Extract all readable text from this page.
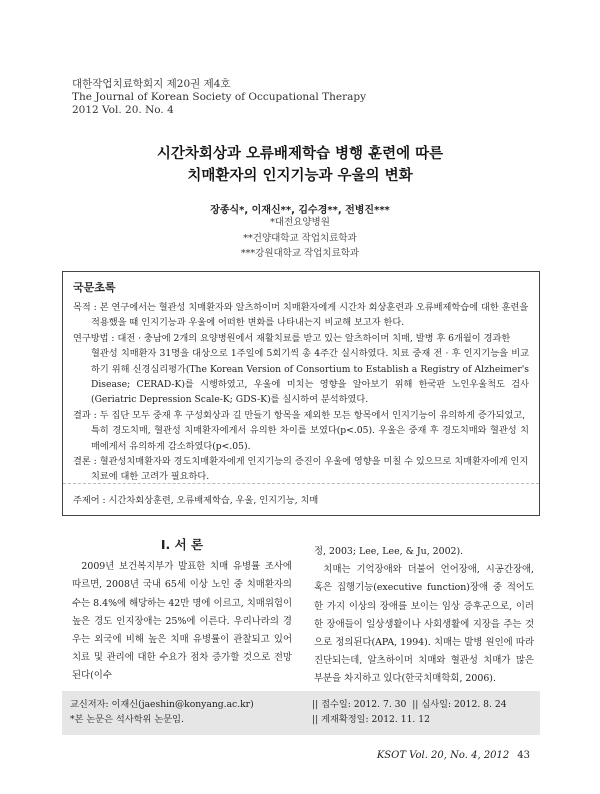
대한작업치료학회지 제20권 제4호
The Journal of Korean Society of Occupational Therapy
2012 Vol. 20. No. 4
시간차회상과 오류배제학습 병행 훈련에 따른
치매환자의 인지기능과 우울의 변화
장종식*, 이재신**, 김수경**, 전병진***
*대전요양병원
**건양대학교 작업치료학과
***강원대학교 작업치료학과
국문초록
목적 : 본 연구에서는 혈관성 치매환자와 알츠하이머 치매환자에게 시간차 회상훈련과 오류배제학습에 대한 훈련을
적용했을 때 인지기능과 우울에 어떠한 변화를 나타내는지 비교해 보고자 한다.
연구방법 : 대전 · 충남에 2개의 요양병원에서 재활치료를 받고 있는 알츠하이머 치매, 발병 후 6개월이 경과한
혈관성 치매환자 31명을 대상으로 1주일에 5회기씩 총 4주간 실시하였다. 치료 중재 전 · 후 인지기능을 비교하기 위해 신경심리평가(The Korean Version of Consortium to Establish a Registry of Alzheimer's Disease; CERAD-K)를 시행하였고, 우울에 미치는 영향을 알아보기 위해 한국판 노인우울척도 검사(Geriatric Depression Scale-K; GDS-K)를 실시하여 분석하였다.
결과 : 두 집단 모두 중재 후 구성회상과 길 만들기 항목을 제외한 모든 항목에서 인지기능이 유의하게 증가되었고,
특히 경도치매, 혈관성 치매환자에게서 유의한 차이를 보였다(p<.05). 우울은 중재 후 경도치매와 혈관성 치매에게서 유의하게 감소하였다(p<.05).
결론 : 혈관성치매환자와 경도치매환자에게 인지기능의 증진이 우울에 영향을 미칠 수 있으므로 치매환자에게 인지
치료에 대한 고려가 필요하다.
주제어 : 시간차회상훈련, 오류배제학습, 우울, 인지기능, 치매
I. 서 론

2009년 보건복지부가 발표한 치매 유병률 조사에 따르면, 2008년 국내 65세 이상 노인 중 치매환자의 수는 8.4%에 해당하는 42만 명에 이르고, 치매위험이 높은 경도 인지장애는 25%에 이른다. 우리나라의 경우는 외국에 비해 높은 치매 유병률이 관찰되고 있어 치료 및 관리에 대한 수요가 점차 증가할 것으로 전망된다(이수

정, 2003; Lee, Lee, & Ju, 2002).

치매는 기억장애와 더불어 언어장애, 시공간장애, 혹은 집행기능(executive function)장애 중 적어도 한 가지 이상의 장애를 보이는 임상 증후군으로, 이러한 장애들이 일상생활이나 사회생활에 지장을 주는 것으로 정의된다(APA, 1994). 치매는 발병 원인에 따라 진단되는데, 알츠하이머 치매와 혈관성 치매가 많은 부분을 차지하고 있다(한국치매학회, 2006).

교신저자: 이재신(jaeshin@konyang.ac.kr)
*본 논문은 석사학위 논문임.
|| 접수일: 2012. 7. 30 || 심사일: 2012. 8. 24
|| 게재확정일: 2012. 11. 12
KSOT Vol. 20, No. 4, 2012 43
